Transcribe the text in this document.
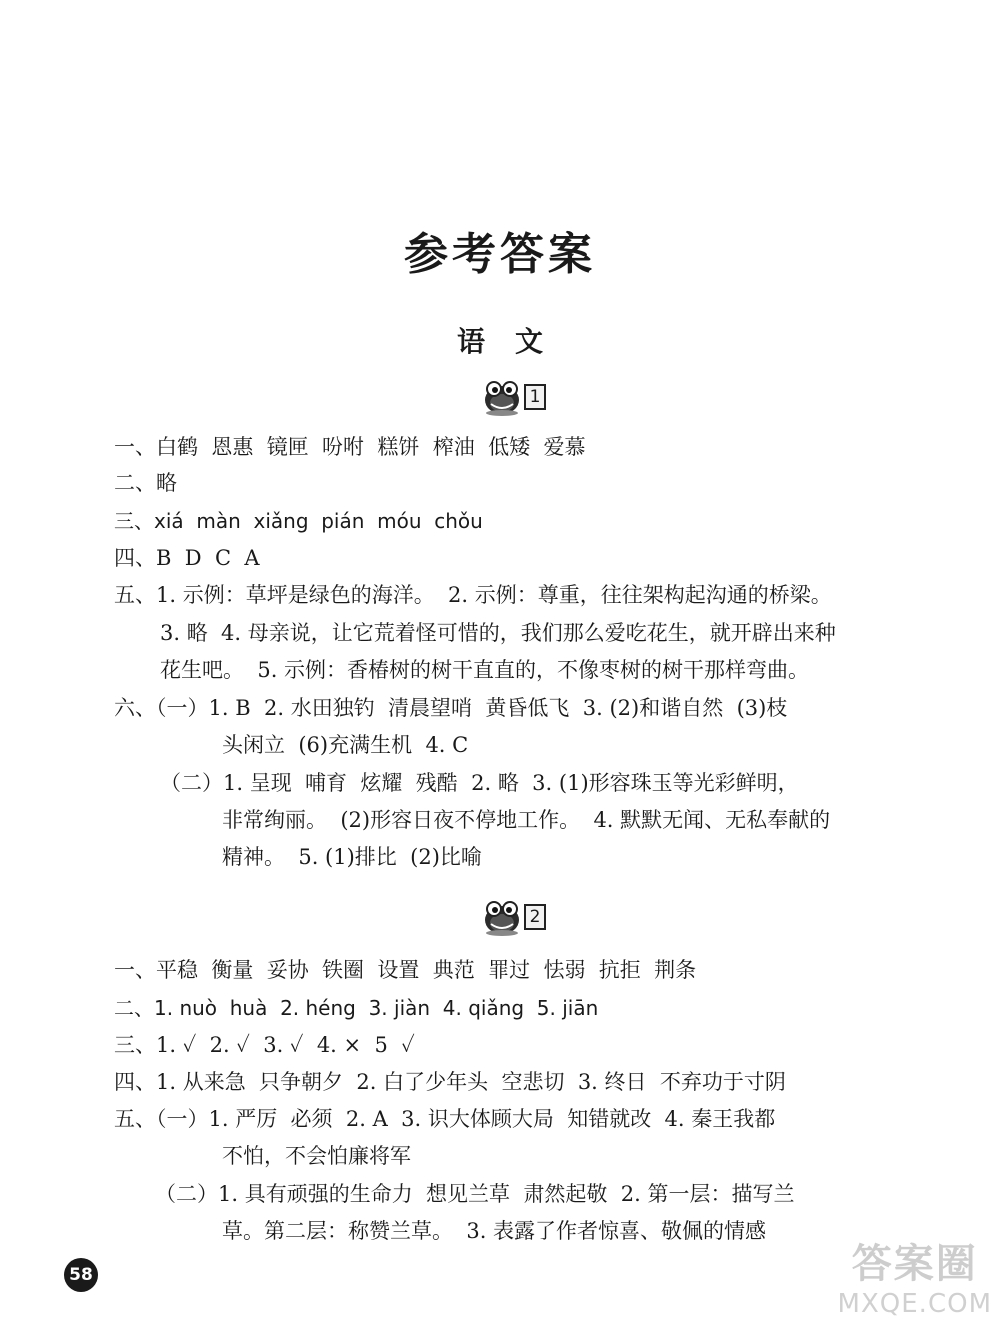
参考答案
语文
1
一、白鹤  恩惠  镜匣  吩咐  糕饼  榨油  低矮  爱慕
二、略
三、xiá  màn  xiǎng  pián  móu  chǒu
四、B  D  C  A
五、1. 示例：草坪是绿色的海洋。  2. 示例：尊重，往往架构起沟通的桥梁。
3. 略  4. 母亲说，让它荒着怪可惜的，我们那么爱吃花生，就开辟出来种
花生吧。  5. 示例：香椿树的树干直直的，不像枣树的树干那样弯曲。
六、（一）1. B  2. 水田独钓  清晨望哨  黄昏低飞  3. (2)和谐自然  (3)枝
头闲立  (6)充满生机  4. C
（二）1. 呈现  哺育  炫耀  残酷  2. 略  3. (1)形容珠玉等光彩鲜明，
非常绚丽。  (2)形容日夜不停地工作。  4. 默默无闻、无私奉献的
精神。  5. (1)排比  (2)比喻
2
一、平稳  衡量  妥协  铁圈  设置  典范  罪过  怯弱  抗拒  荆条
二、1. nuò  huà  2. héng  3. jiàn  4. qiǎng  5. jiān
三、1. ✓  2. ✓  3. ✓  4. ×  5  ✓
四、1. 从来急  只争朝夕  2. 白了少年头  空悲切  3. 终日  不弃功于寸阴
五、（一）1. 严厉  必须  2. A  3. 识大体顾大局  知错就改  4. 秦王我都
不怕，不会怕廉将军
（二）1. 具有顽强的生命力  想见兰草  肃然起敬  2. 第一层：描写兰
草。第二层：称赞兰草。  3. 表露了作者惊喜、敬佩的情感
58	答案圈
MXQE.COM
